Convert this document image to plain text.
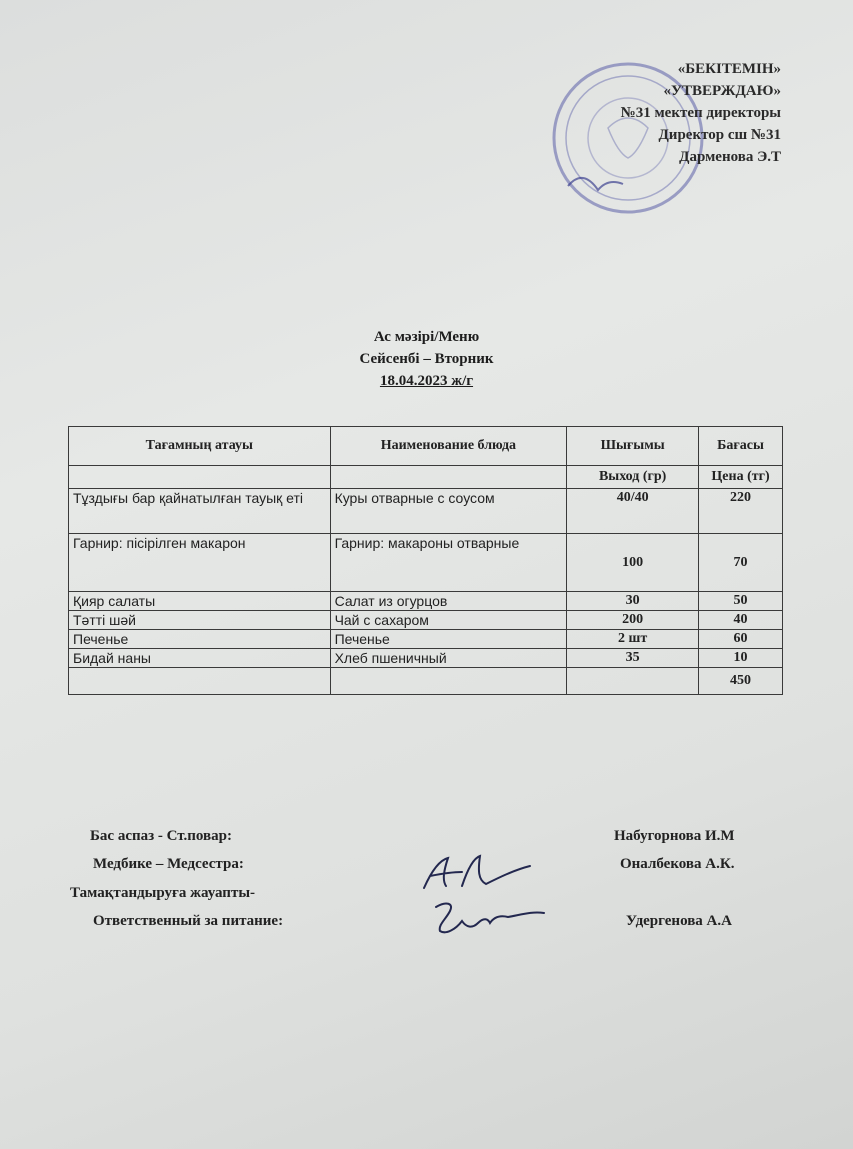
«БЕКІТЕМІН»
«УТВЕРЖДАЮ»
№31 мектеп директоры
Директор сш №31
Дарменова Э.Т
Ас мәзірі/Меню
Сейсенбі – Вторник
18.04.2023 ж/г
Тағамның атауы	Наименование блюда	Шығымы	Бағасы
		Выход (гр)	Цена (тг)
Тұздығы бар қайнатылған тауық еті	Куры отварные с соусом	40/40	220
Гарнир: пісірілген макарон	Гарнир: макароны отварные	100	70
Қияр салаты	Салат из огурцов	30	50
Тәтті шәй	Чай с сахаром	200	40
Печенье	Печенье	2 шт	60
Бидай наны	Хлеб пшеничный	35	10
			450
Бас аспаз - Ст.повар:	Набугорнова И.М
Медбике – Медсестра:	Оналбекова А.К.
Тамақтандыруға жауапты-
Ответственный за питание:	Удергенова А.А
